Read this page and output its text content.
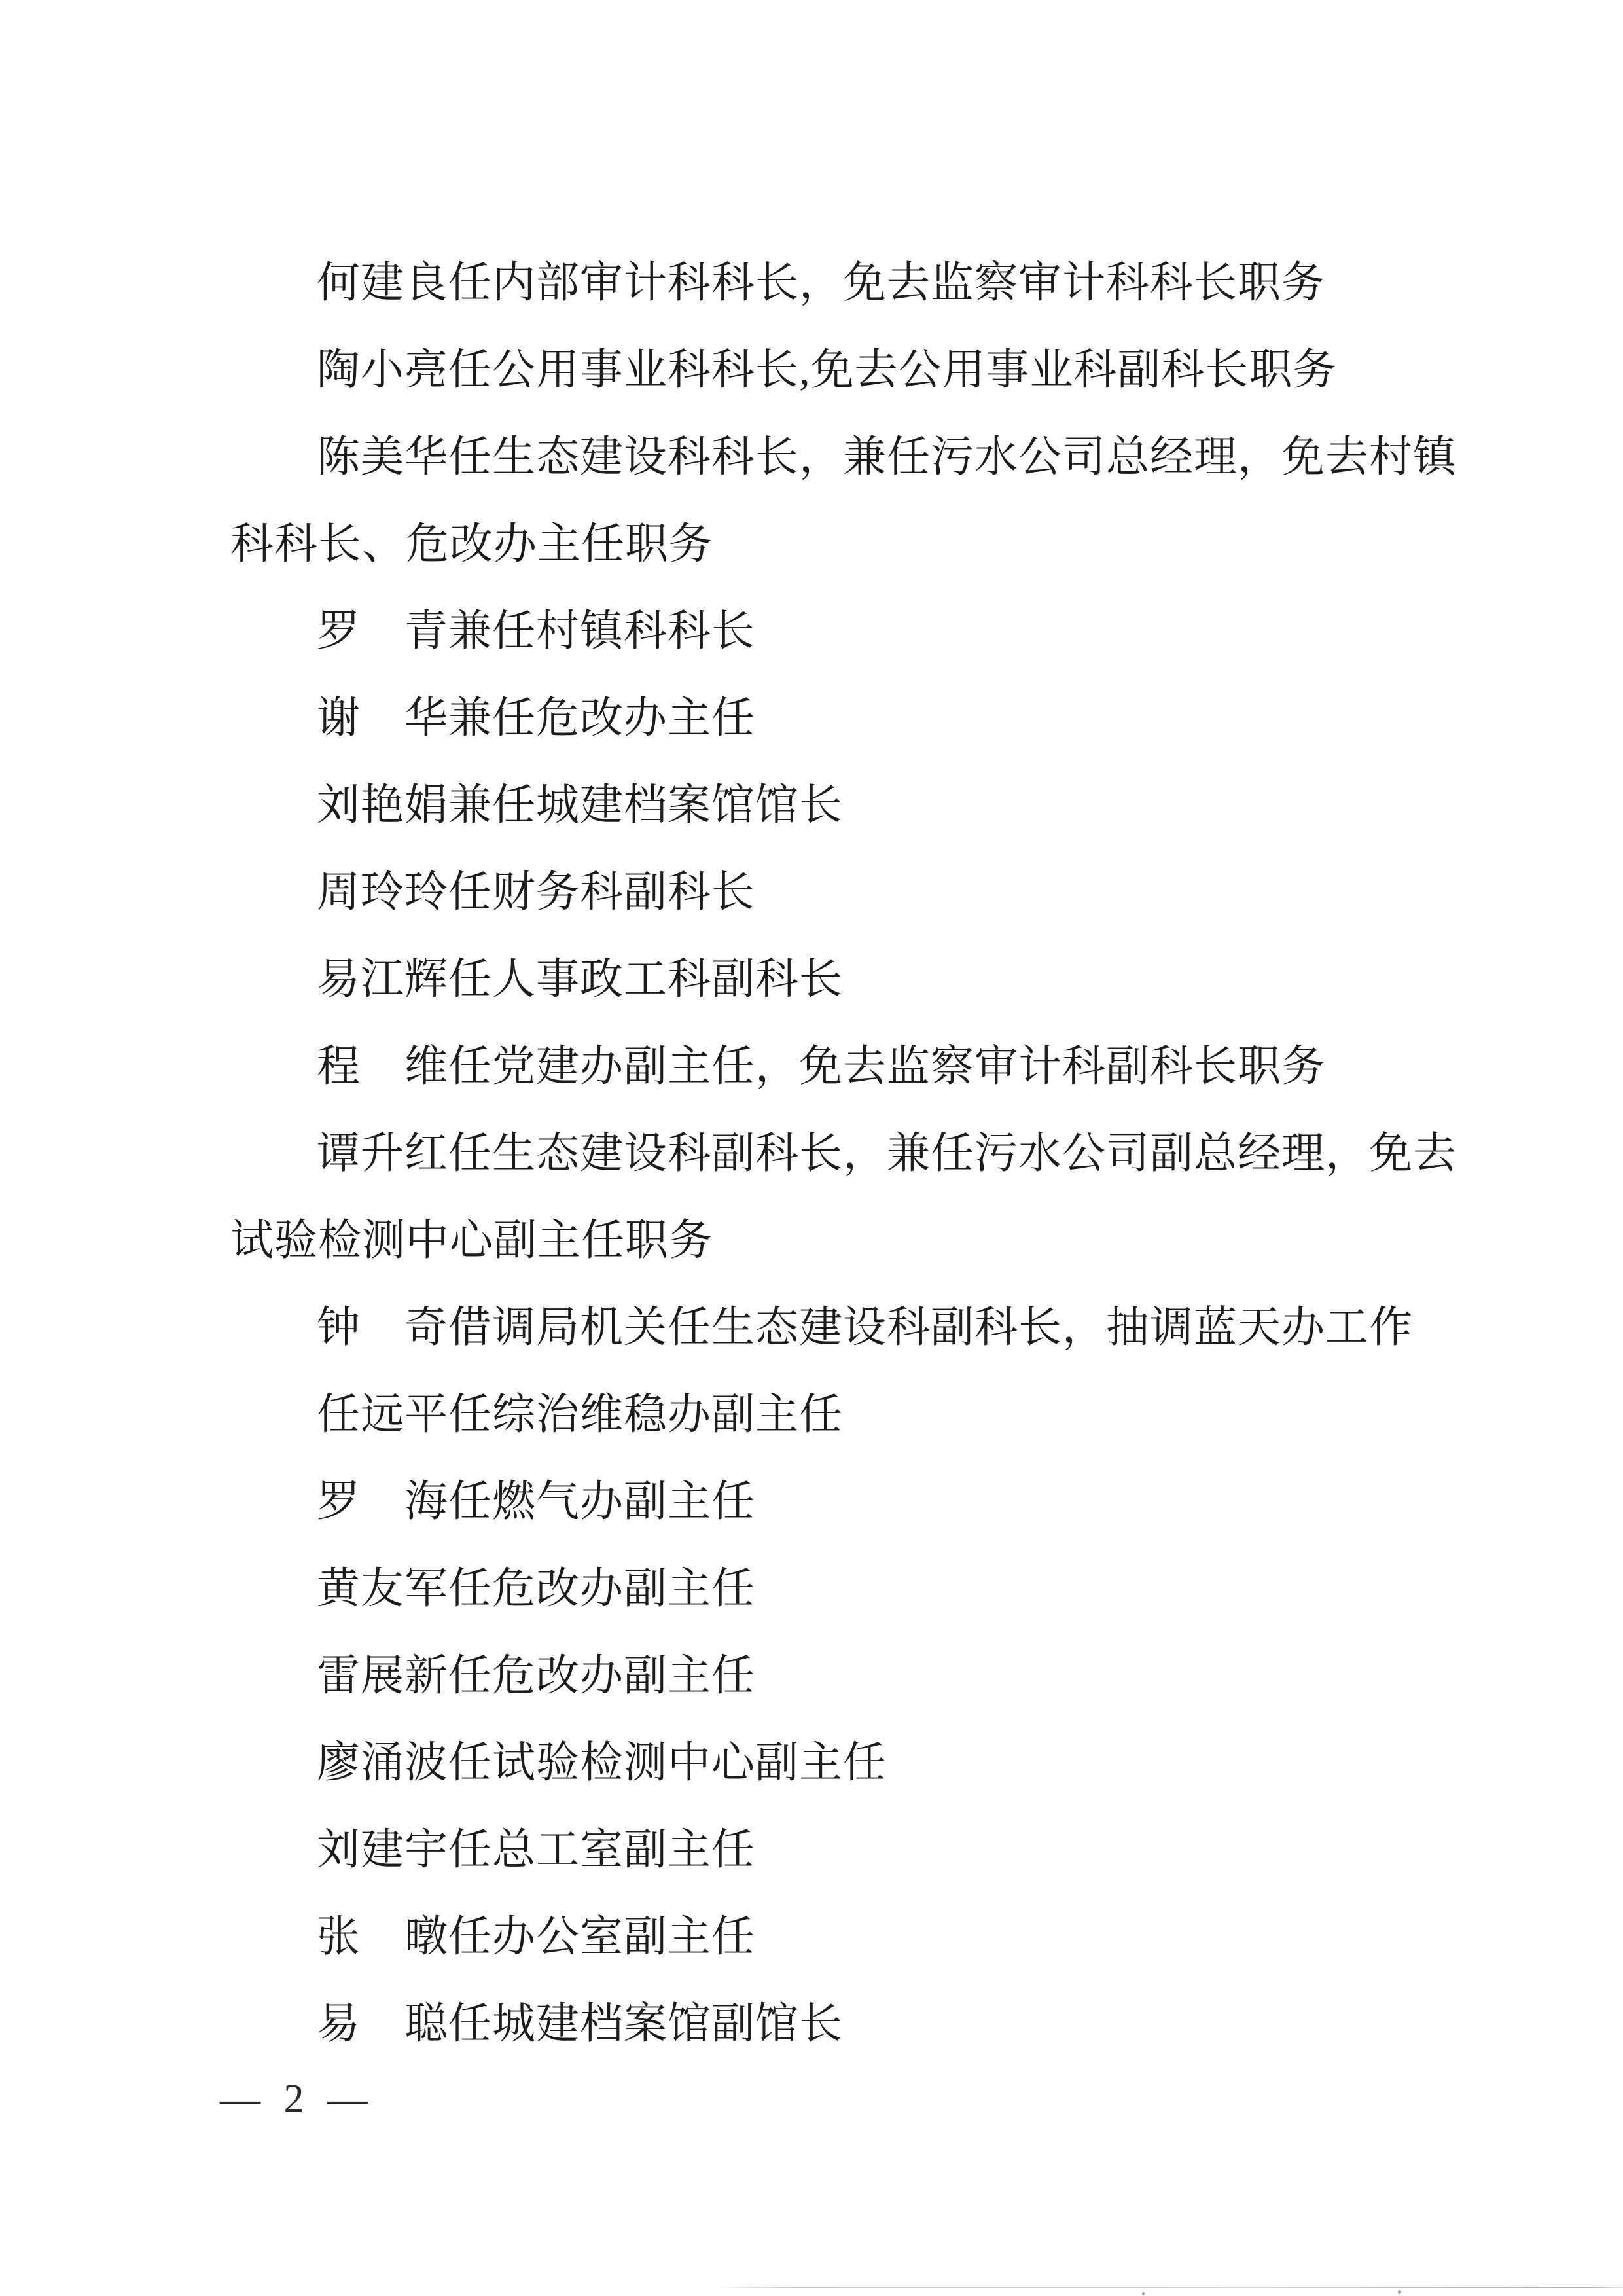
何建良任内部审计科科长，免去监察审计科科长职务
陶小亮任公用事业科科长,免去公用事业科副科长职务
陈美华任生态建设科科长，兼任污水公司总经理，免去村镇
科科长、危改办主任职务
罗　青兼任村镇科科长
谢　华兼任危改办主任
刘艳娟兼任城建档案馆馆长
周玲玲任财务科副科长
易江辉任人事政工科副科长
程　维任党建办副主任，免去监察审计科副科长职务
谭升红任生态建设科副科长，兼任污水公司副总经理，免去
试验检测中心副主任职务
钟　奇借调局机关任生态建设科副科长，抽调蓝天办工作
任远平任综治维稳办副主任
罗　海任燃气办副主任
黄友军任危改办副主任
雷展新任危改办副主任
廖涌波任试验检测中心副主任
刘建宇任总工室副主任
张　暾任办公室副主任
易　聪任城建档案馆副馆长
— 2 —
